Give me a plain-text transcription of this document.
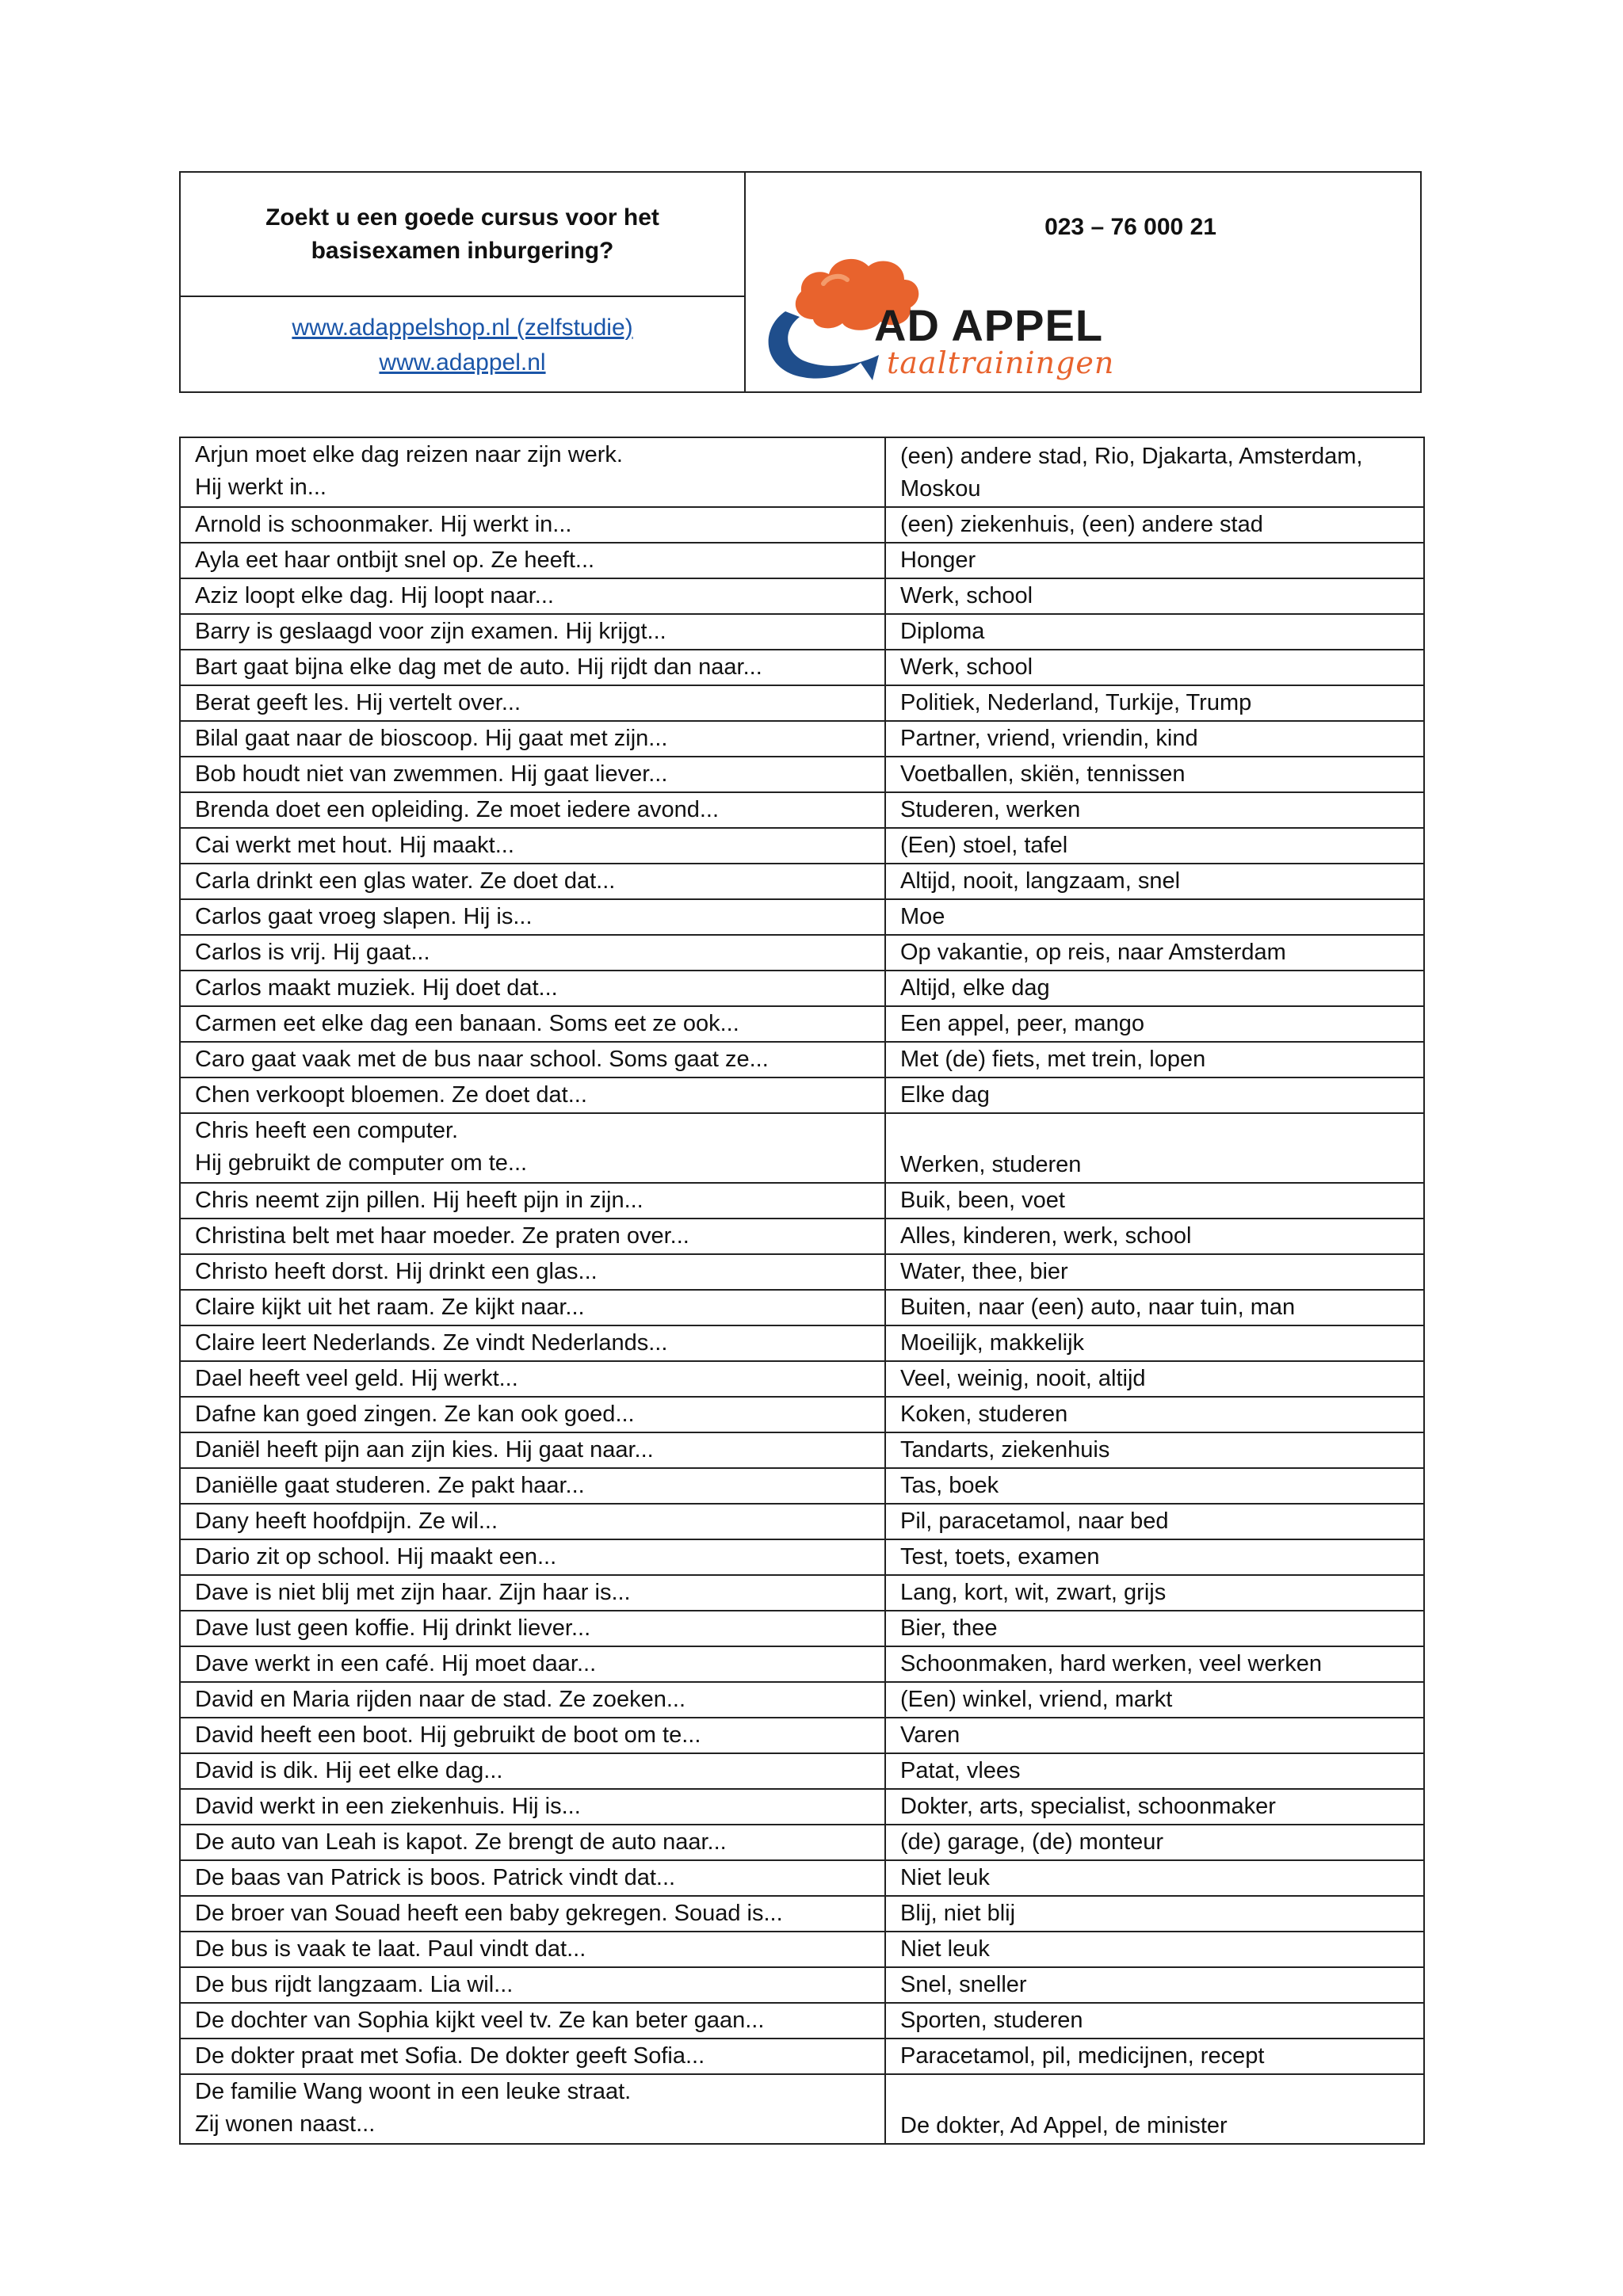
Zoekt u een goede cursus voor het basisexamen inburgering?
www.adappelshop.nl (zelfstudie)
www.adappel.nl
023 – 76 000 21
AD APPEL
taaltrainingen
Arjun moet elke dag reizen naar zijn werk.
Hij werkt in...	(een) andere stad, Rio, Djakarta, Amsterdam, Moskou
Arnold is schoonmaker. Hij werkt in...	(een) ziekenhuis, (een) andere stad
Ayla eet haar ontbijt snel op. Ze heeft...	Honger
Aziz loopt elke dag. Hij loopt naar...	Werk, school
Barry is geslaagd voor zijn examen. Hij krijgt...	Diploma
Bart gaat bijna elke dag met de auto. Hij rijdt dan naar...	Werk, school
Berat geeft les. Hij vertelt over...	Politiek, Nederland, Turkije, Trump
Bilal gaat naar de bioscoop. Hij gaat met zijn...	Partner, vriend, vriendin, kind
Bob houdt niet van zwemmen. Hij gaat liever...	Voetballen, skiën, tennissen
Brenda doet een opleiding. Ze moet iedere avond...	Studeren, werken
Cai werkt met hout. Hij maakt...	(Een) stoel, tafel
Carla drinkt een glas water. Ze doet dat...	Altijd, nooit, langzaam, snel
Carlos gaat vroeg slapen. Hij is...	Moe
Carlos is vrij. Hij gaat...	Op vakantie, op reis, naar Amsterdam
Carlos maakt muziek. Hij doet dat...	Altijd, elke dag
Carmen eet elke dag een banaan. Soms eet ze ook...	Een appel, peer, mango
Caro gaat vaak met de bus naar school. Soms gaat ze...	Met (de) fiets, met trein, lopen
Chen verkoopt bloemen. Ze doet dat...	Elke dag
Chris heeft een computer.
Hij gebruikt de computer om te...	Werken, studeren
Chris neemt zijn pillen. Hij heeft pijn in zijn...	Buik, been, voet
Christina belt met haar moeder. Ze praten over...	Alles, kinderen, werk, school
Christo heeft dorst. Hij drinkt een glas...	Water, thee, bier
Claire kijkt uit het raam. Ze kijkt naar...	Buiten, naar (een) auto, naar tuin, man
Claire leert Nederlands. Ze vindt Nederlands...	Moeilijk, makkelijk
Dael heeft veel geld. Hij werkt...	Veel, weinig, nooit, altijd
Dafne kan goed zingen. Ze kan ook goed...	Koken, studeren
Daniël heeft pijn aan zijn kies. Hij gaat naar...	Tandarts, ziekenhuis
Daniëlle gaat studeren. Ze pakt haar...	Tas, boek
Dany heeft hoofdpijn. Ze wil...	Pil, paracetamol, naar bed
Dario zit op school. Hij maakt een...	Test, toets, examen
Dave is niet blij met zijn haar. Zijn haar is...	Lang, kort, wit, zwart, grijs
Dave lust geen koffie. Hij drinkt liever...	Bier, thee
Dave werkt in een café. Hij moet daar...	Schoonmaken, hard werken, veel werken
David en Maria rijden naar de stad. Ze zoeken...	(Een) winkel, vriend, markt
David heeft een boot. Hij gebruikt de boot om te...	Varen
David is dik. Hij eet elke dag...	Patat, vlees
David werkt in een ziekenhuis. Hij is...	Dokter, arts, specialist, schoonmaker
De auto van Leah is kapot. Ze brengt de auto naar...	(de) garage, (de) monteur
De baas van Patrick is boos. Patrick vindt dat...	Niet leuk
De broer van Souad heeft een baby gekregen. Souad is...	Blij, niet blij
De bus is vaak te laat. Paul vindt dat...	Niet leuk
De bus rijdt langzaam. Lia wil...	Snel, sneller
De dochter van Sophia kijkt veel tv. Ze kan beter gaan...	Sporten, studeren
De dokter praat met Sofia. De dokter geeft Sofia...	Paracetamol, pil, medicijnen, recept
De familie Wang woont in een leuke straat.
Zij wonen naast...	De dokter, Ad Appel, de minister
